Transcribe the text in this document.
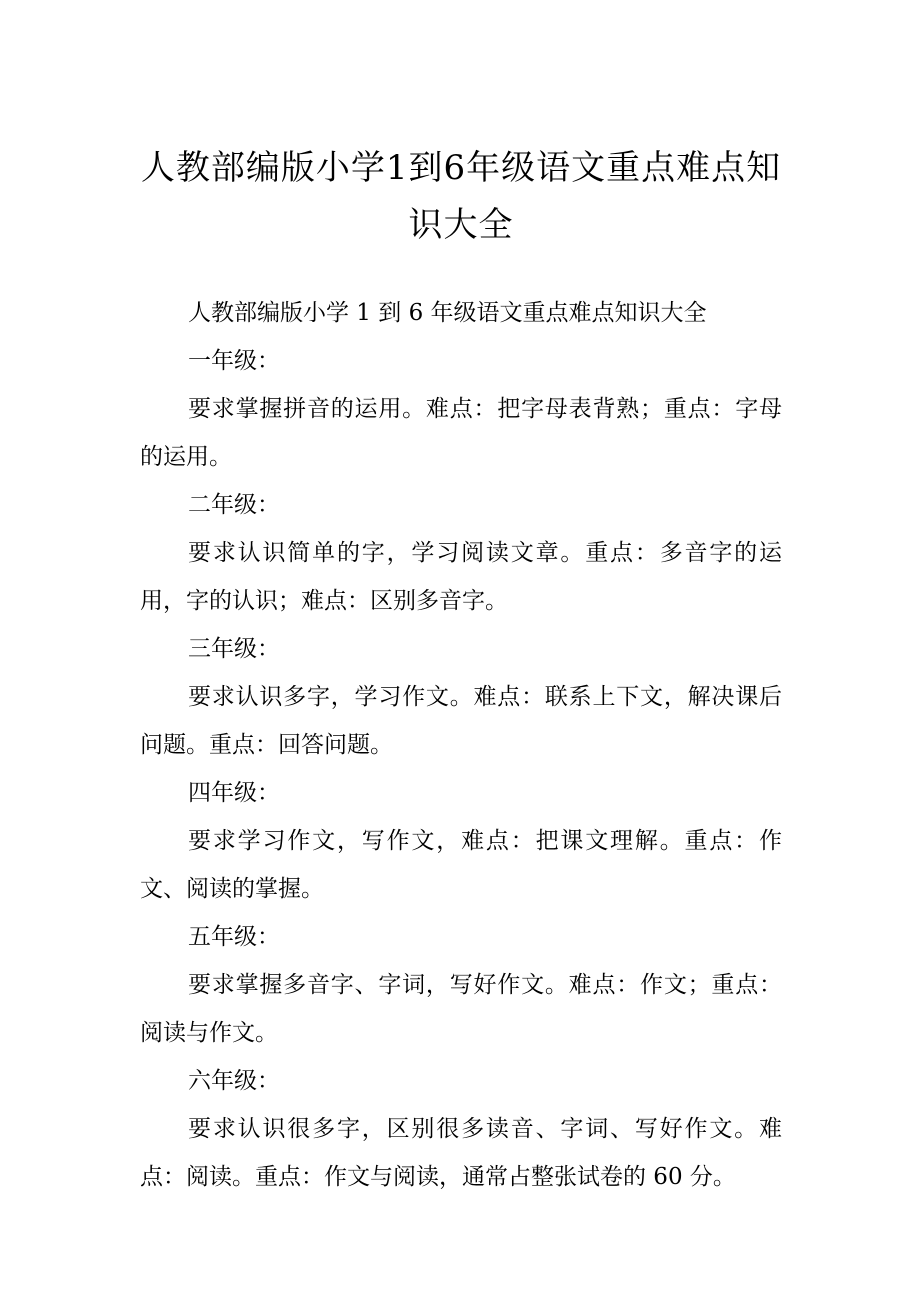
人教部编版小学1到6年级语文重点难点知识大全

人教部编版小学 1 到 6 年级语文重点难点知识大全

一年级：

要求掌握拼音的运用。难点：把字母表背熟；重点：字母的运用。

二年级：

要求认识简单的字，学习阅读文章。重点：多音字的运用，字的认识；难点：区别多音字。

三年级：

要求认识多字，学习作文。难点：联系上下文，解决课后问题。重点：回答问题。

四年级：

要求学习作文，写作文，难点：把课文理解。重点：作文、阅读的掌握。

五年级：

要求掌握多音字、字词，写好作文。难点：作文；重点：阅读与作文。

六年级：

要求认识很多字，区别很多读音、字词、写好作文。难点：阅读。重点：作文与阅读，通常占整张试卷的 60 分。
